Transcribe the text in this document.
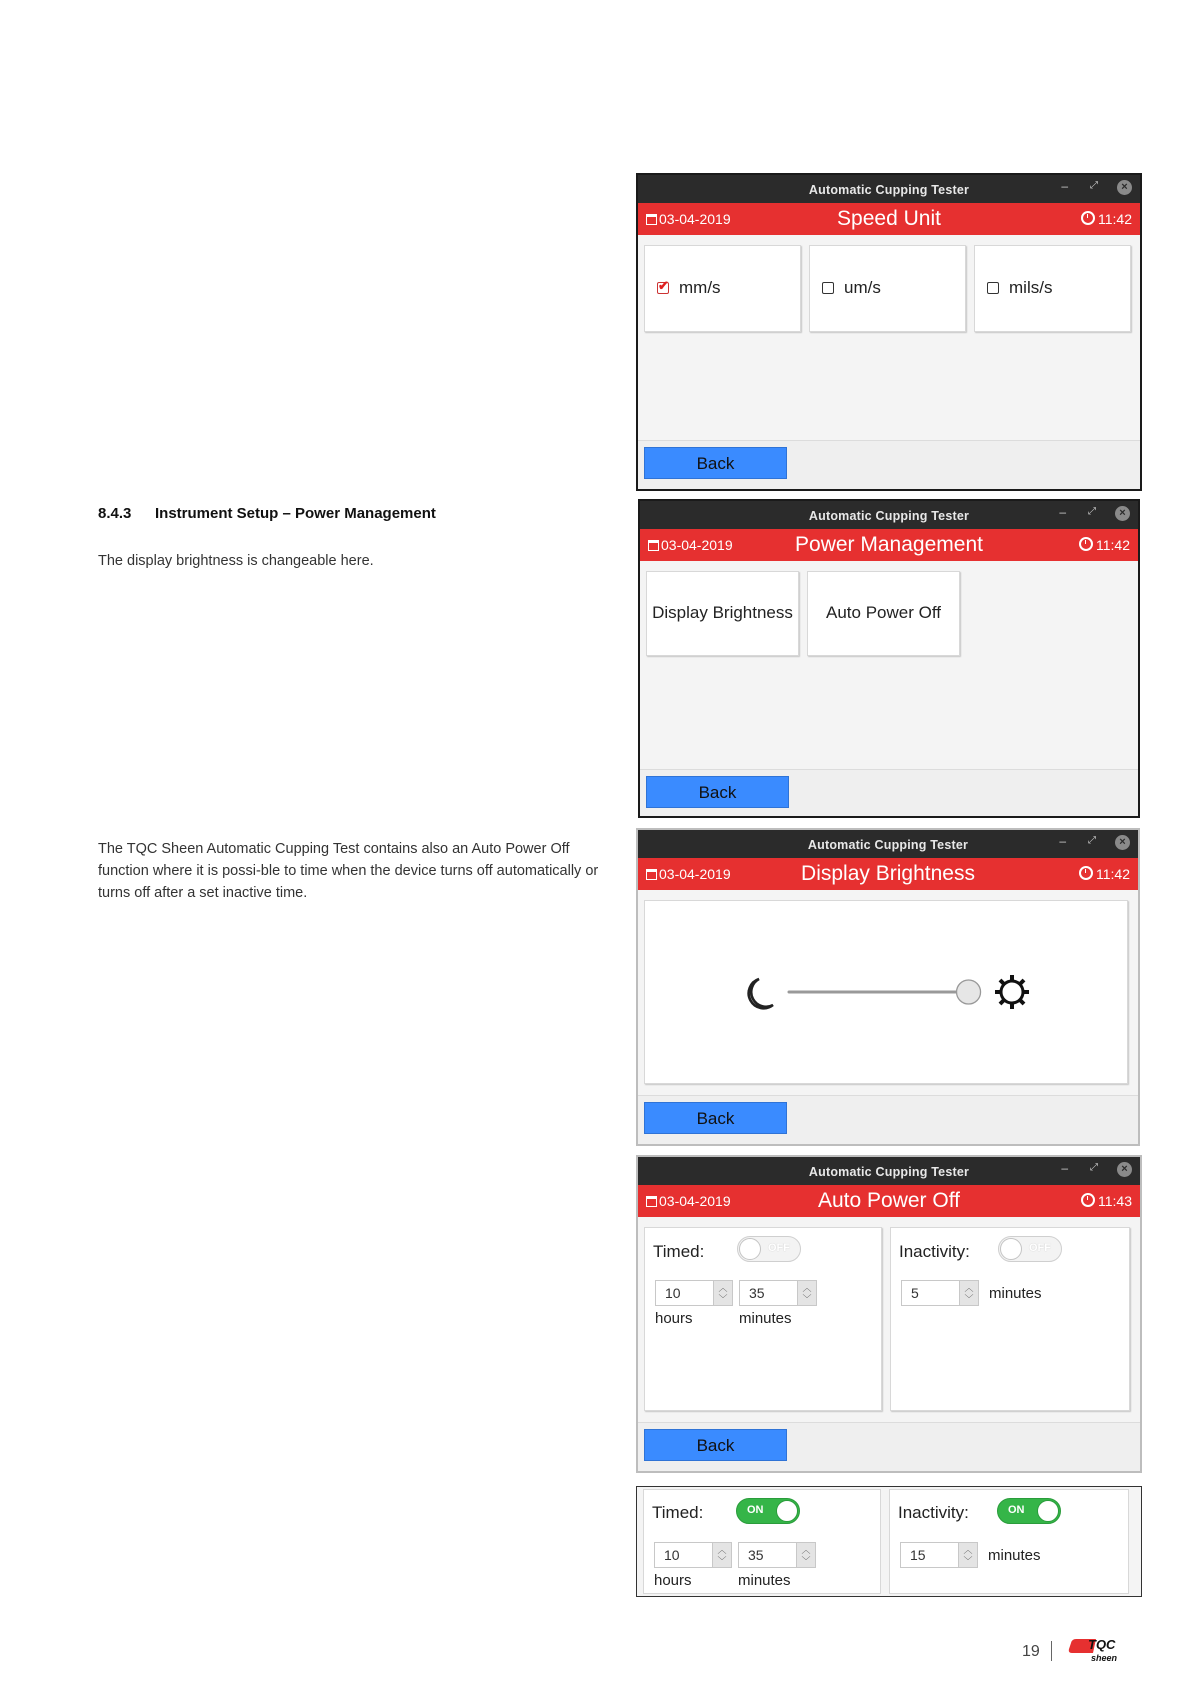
8.4.3 Instrument Setup – Power Management
The display brightness is changeable here.
The TQC Sheen Automatic Cupping Test contains also an Auto Power Off function where it is possi-ble to time when the device turns off automatically or turns off after a set inactive time.
Automatic Cupping Tester	– ⤢	×
03-04-2019	Speed Unit	11:42
✔mm/s	um/s	mils/s
Back
Automatic Cupping Tester	– ⤢	×
03-04-2019	Power Management	11:42
Display Brightness	Auto Power Off
Back
Automatic Cupping Tester	– ⤢	×
03-04-2019	Display Brightness	11:42
Back
Automatic Cupping Tester	– ⤢	×
03-04-2019	Auto Power Off	11:43
Timed:	OFF
10	︿
﹀	35	︿
﹀
hours	minutes
Inactivity:	OFF
5	︿
﹀	minutes
Back
Timed:	ON
10	︿
﹀	35	︿
﹀
hours	minutes
Inactivity:	ON
15	︿
﹀	minutes
19	TQC
sheen
